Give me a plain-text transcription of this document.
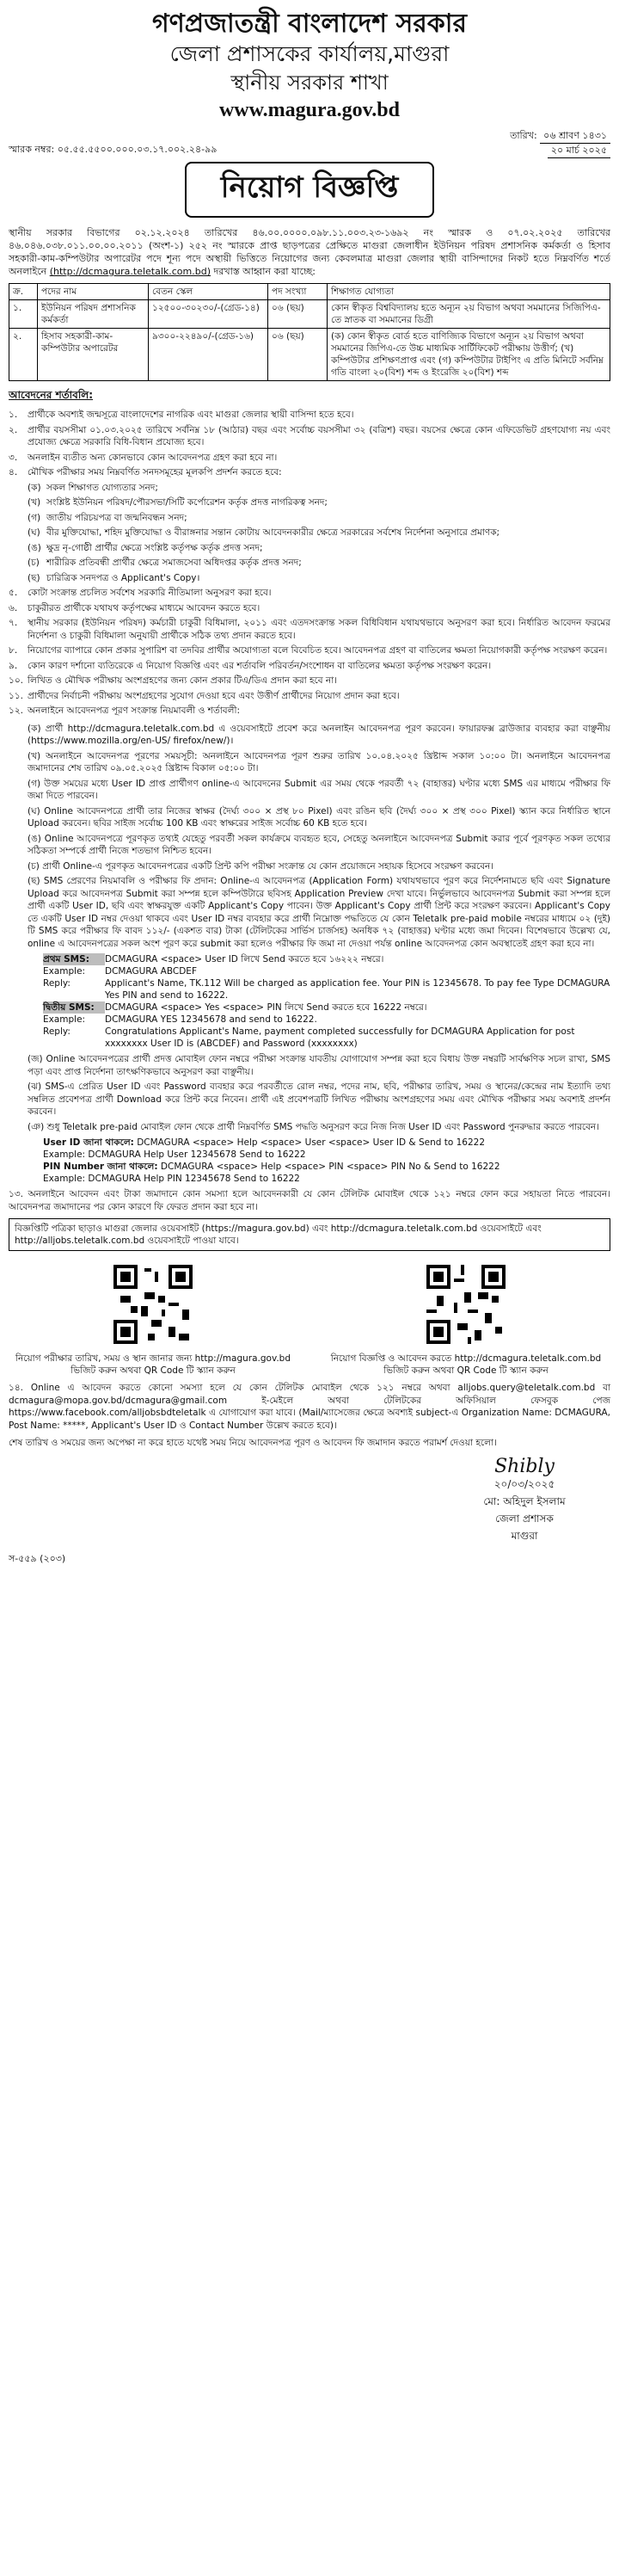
গণপ্রজাতন্ত্রী বাংলাদেশ সরকার
জেলা প্রশাসকের কার্যালয়,মাগুরা
স্থানীয় সরকার শাখা
www.magura.gov.bd
স্মারক নম্বর: ০৫.৫৫.৫৫০০.০০০.০৩.১৭.০০২.২৪-৯৯
তারিখ: ০৬ শ্রাবণ ১৪৩১
২০ মার্চ ২০২৫
নিয়োগ বিজ্ঞপ্তি
স্থানীয় সরকার বিভাগের ০২.১২.২০২৪ তারিখের ৪৬.০০.০০০০.০৯৮.১১.০০৩.২৩-১৬৯২ নং স্মারক ও ০৭.০২.২০২৫ তারিখের ৪৬.০৪৬.০৩৮.০১১.০০.০০.২০১১ (অংশ-১) ২৫২ নং স্মারকে প্রাপ্ত ছাড়পত্রের প্রেক্ষিতে মাগুরা জেলাধীন ইউনিয়ন পরিষদ প্রশাসনিক কর্মকর্তা ও হিসাব সহকারী-কাম-কম্পিউটার অপারেটর পদে শূন্য পদে অস্থায়ী ভিত্তিতে নিয়োগের জন্য কেবলমাত্র মাগুরা জেলার স্থায়ী বাসিন্দাদের নিকট হতে নিম্নবর্ণিত শর্তে অনলাইনে (http://dcmagura.teletalk.com.bd) দরখাস্ত আহ্বান করা যাচ্ছে:
ক্র.	পদের নাম	বেতন স্কেল	পদ সংখ্যা	শিক্ষাগত যোগ্যতা
১.	ইউনিয়ন পরিষদ প্রশাসনিক কর্মকর্তা	১২৫০০-৩০২৩০/-(গ্রেড-১৪)	০৬ (ছয়)	কোন স্বীকৃত বিশ্ববিদ্যালয় হতে অন্যূন ২য় বিভাগ অথবা সমমানের সিজিপিএ-তে স্নাতক বা সমমানের ডিগ্রী
২.	হিসাব সহকারী-কাম-কম্পিউটার অপারেটর	৯৩০০-২২৪৯০/-(গ্রেড-১৬)	০৬ (ছয়)	(ক) কোন স্বীকৃত বোর্ড হতে বাণিজ্যিক বিভাগে অন্যূন ২য় বিভাগ অথবা সমমানের জিপিএ-তে উচ্চ মাধ্যমিক সার্টিফিকেট পরীক্ষায় উত্তীর্ণ; (খ) কম্পিউটার প্রশিক্ষণপ্রাপ্ত এবং (গ) কম্পিউটার টাইপিং এ প্রতি মিনিটে সর্বনিম্ন গতি বাংলা ২০(বিশ) শব্দ ও ইংরেজি ২০(বিশ) শব্দ
আবেদনের শর্তাবলি:
১.	প্রার্থীকে অবশ্যই জন্মসূত্রে বাংলাদেশের নাগরিক এবং মাগুরা জেলার স্থায়ী বাসিন্দা হতে হবে।
২.	প্রার্থীর বয়সসীমা ০১.০৩.২০২৫ তারিখে সর্বনিম্ন ১৮ (আঠার) বছর এবং সর্বোচ্চ বয়সসীমা ৩২ (বত্রিশ) বছর। বয়সের ক্ষেত্রে কোন এফিডেভিট গ্রহণযোগ্য নয় এবং প্রযোজ্য ক্ষেত্রে সরকারি বিধি-বিধান প্রযোজ্য হবে।
৩.	অনলাইন ব্যতীত অন্য কোনভাবে কোন আবেদনপত্র গ্রহণ করা হবে না।
৪.	মৌখিক পরীক্ষার সময় নিম্নবর্ণিত সনদসমূহের মূলকপি প্রদর্শন করতে হবে:
(ক) সকল শিক্ষাগত যোগ্যতার সনদ;
(খ) সংশ্লিষ্ট ইউনিয়ন পরিষদ/পৌরসভা/সিটি কর্পোরেশন কর্তৃক প্রদত্ত নাগরিকত্ব সনদ;
(গ) জাতীয় পরিচয়পত্র বা জন্মনিবন্ধন সনদ;
(ঘ) বীর মুক্তিযোদ্ধা, শহিদ মুক্তিযোদ্ধা ও বীরাঙ্গনার সন্তান কোটায় আবেদনকারীর ক্ষেত্রে সরকারের সর্বশেষ নির্দেশনা অনুসারে প্রমাণক;
(ঙ) ক্ষুদ্র নৃ-গোষ্ঠী প্রার্থীর ক্ষেত্রে সংশ্লিষ্ট কর্তৃপক্ষ কর্তৃক প্রদত্ত সনদ;
(চ) শারীরিক প্রতিবন্ধী প্রার্থীর ক্ষেত্রে সমাজসেবা অধিদপ্তর কর্তৃক প্রদত্ত সনদ;
(ছ) চারিত্রিক সনদপত্র ও Applicant's Copy।
৫.	কোটা সংক্রান্ত প্রচলিত সর্বশেষ সরকারি নীতিমালা অনুসরণ করা হবে।
৬.	চাকুরীরত প্রার্থীকে যথাযথ কর্তৃপক্ষের মাধ্যমে আবেদন করতে হবে।
৭.	স্থানীয় সরকার (ইউনিয়ন পরিষদ) কর্মচারী চাকুরী বিধিমালা, ২০১১ এবং এতদসংক্রান্ত সকল বিধিবিধান যথাযথভাবে অনুসরণ করা হবে। নির্ধারিত আবেদন ফরমের নির্দেশনা ও চাকুরী বিধিমালা অনুযায়ী প্রার্থীকে সঠিক তথ্য প্রদান করতে হবে।
৮.	নিয়োগের ব্যাপারে কোন প্রকার সুপারিশ বা তদবির প্রার্থীর অযোগ্যতা বলে বিবেচিত হবে। আবেদনপত্র গ্রহণ বা বাতিলের ক্ষমতা নিয়োগকারী কর্তৃপক্ষ সংরক্ষণ করেন।
৯.	কোন কারণ দর্শানো ব্যতিরেকে এ নিয়োগ বিজ্ঞপ্তি এবং এর শর্তাবলি পরিবর্তন/সংশোধন বা বাতিলের ক্ষমতা কর্তৃপক্ষ সংরক্ষণ করেন।
১০. লিখিত ও মৌখিক পরীক্ষায় অংশগ্রহণের জন্য কোন প্রকার টিএ/ডিএ প্রদান করা হবে না।
১১. প্রার্থীদের নির্বাচনী পরীক্ষায় অংশগ্রহণের সুযোগ দেওয়া হবে এবং উত্তীর্ণ প্রার্থীদের নিয়োগ প্রদান করা হবে।
১২. অনলাইনে আবেদনপত্র পূরণ সংক্রান্ত নিয়মাবলী ও শর্তাবলী:
(ক) প্রার্থী http://dcmagura.teletalk.com.bd এ ওয়েবসাইটে প্রবেশ করে অনলাইন আবেদনপত্র পূরণ করবেন। ফায়ারফক্স ব্রাউজার ব্যবহার করা বাঞ্ছনীয় (https://www.mozilla.org/en-US/ firefox/new/)।
(খ) অনলাইনে আবেদনপত্র পূরণের সময়সূচী: অনলাইনে আবেদনপত্র পূরণ শুরুর তারিখ ১০.০৪.২০২৫ খ্রিষ্টাব্দ সকাল ১০:০০ টা। অনলাইনে আবেদনপত্র জমাদানের শেষ তারিখ ০৯.০৫.২০২৫ খ্রিষ্টাব্দ বিকাল ০৫:০০ টা।
(গ) উক্ত সময়ের মধ্যে User ID প্রাপ্ত প্রার্থীগণ online-এ আবেদনের Submit এর সময় থেকে পরবর্তী ৭২ (বাহাত্তর) ঘণ্টার মধ্যে SMS এর মাধ্যমে পরীক্ষার ফি জমা দিতে পারবেন।
(ঘ) Online আবেদনপত্রে প্রার্থী তার নিজের স্বাক্ষর (দৈর্ঘ্য ৩০০ × প্রস্থ ৮০ Pixel) এবং রঙিন ছবি (দৈর্ঘ্য ৩০০ × প্রস্থ ৩০০ Pixel) স্ক্যান করে নির্ধারিত স্থানে Upload করবেন। ছবির সাইজ সর্বোচ্চ 100 KB এবং স্বাক্ষরের সাইজ সর্বোচ্চ 60 KB হতে হবে।
(ঙ) Online আবেদনপত্রে পূরণকৃত তথ্যই যেহেতু পরবর্তী সকল কার্যক্রমে ব্যবহৃত হবে, সেহেতু অনলাইনে আবেদনপত্র Submit করার পূর্বে পূরণকৃত সকল তথ্যের সঠিকতা সম্পর্কে প্রার্থী নিজে শতভাগ নিশ্চিত হবেন।
(চ) প্রার্থী Online-এ পূরণকৃত আবেদনপত্রের একটি প্রিন্ট কপি পরীক্ষা সংক্রান্ত যে কোন প্রয়োজনে সহায়ক হিসেবে সংরক্ষণ করবেন।
(ছ) SMS প্রেরণের নিয়মাবলি ও পরীক্ষার ফি প্রদান: Online-এ আবেদনপত্র (Application Form) যথাযথভাবে পূরণ করে নির্দেশনামতে ছবি এবং Signature Upload করে আবেদনপত্র Submit করা সম্পন্ন হলে কম্পিউটারে ছবিসহ Application Preview দেখা যাবে। নির্ভুলভাবে আবেদনপত্র Submit করা সম্পন্ন হলে প্রার্থী একটি User ID, ছবি এবং স্বাক্ষরযুক্ত একটি Applicant's Copy পাবেন। উক্ত Applicant's Copy প্রার্থী প্রিন্ট করে সংরক্ষণ করবেন। Applicant's Copy তে একটি User ID নম্বর দেওয়া থাকবে এবং User ID নম্বর ব্যবহার করে প্রার্থী নিম্নোক্ত পদ্ধতিতে যে কোন Teletalk pre-paid mobile নম্বরের মাধ্যমে ০২ (দুই) টি SMS করে পরীক্ষার ফি বাবদ ১১২/- (একশত বার) টাকা (টেলিটকের সার্ভিস চার্জসহ) অনধিক ৭২ (বাহাত্তর) ঘণ্টার মধ্যে জমা দিবেন। বিশেষভাবে উল্লেখ্য যে, online এ আবেদনপত্রের সকল অংশ পূরণ করে submit করা হলেও পরীক্ষার ফি জমা না দেওয়া পর্যন্ত online আবেদনপত্র কোন অবস্থাতেই গ্রহণ করা হবে না।
প্রথম SMS:	DCMAGURA <space> User ID লিখে Send করতে হবে ১৬২২২ নম্বরে।
Example:	DCMAGURA ABCDEF
Reply:	Applicant's Name, TK.112 Will be charged as application fee. Your PIN is 12345678. To pay fee Type DCMAGURA Yes PIN and send to 16222.
দ্বিতীয় SMS:	DCMAGURA <space> Yes <space> PIN লিখে Send করতে হবে 16222 নম্বরে।
Example:	DCMAGURA YES 12345678 and send to 16222.
Reply:	Congratulations Applicant's Name, payment completed successfully for DCMAGURA Application for post xxxxxxxx User ID is (ABCDEF) and Password (xxxxxxxx)
(জ) Online আবেদনপত্রের প্রার্থী প্রদত্ত মোবাইল ফোন নম্বরে পরীক্ষা সংক্রান্ত যাবতীয় যোগাযোগ সম্পন্ন করা হবে বিধায় উক্ত নম্বরটি সার্বক্ষণিক সচল রাখা, SMS পড়া এবং প্রাপ্ত নির্দেশনা তাৎক্ষণিকভাবে অনুসরণ করা বাঞ্ছনীয়।
(ঝ) SMS-এ প্রেরিত User ID এবং Password ব্যবহার করে পরবর্তীতে রোল নম্বর, পদের নাম, ছবি, পরীক্ষার তারিখ, সময় ও স্থানের/কেন্দ্রের নাম ইত্যাদি তথ্য সম্বলিত প্রবেশপত্র প্রার্থী Download করে প্রিন্ট করে নিবেন। প্রার্থী এই প্রবেশপত্রটি লিখিত পরীক্ষায় অংশগ্রহণের সময় এবং মৌখিক পরীক্ষার সময় অবশ্যই প্রদর্শন করবেন।
(ঞ) শুধু Teletalk pre-paid মোবাইল ফোন থেকে প্রার্থী নিম্নবর্ণিত SMS পদ্ধতি অনুসরণ করে নিজ নিজ User ID এবং Password পুনরুদ্ধার করতে পারবেন।
User ID জানা থাকলে: DCMAGURA <space> Help <space> User <space> User ID & Send to 16222
Example: DCMAGURA Help User 12345678 Send to 16222
PIN Number জানা থাকলে: DCMAGURA <space> Help <space> PIN <space> PIN No & Send to 16222
Example: DCMAGURA Help PIN 12345678 Send to 16222
১৩. অনলাইনে আবেদন এবং টাকা জমাদানে কোন সমস্যা হলে আবেদনকারী যে কোন টেলিটক মোবাইল থেকে ১২১ নম্বরে ফোন করে সহায়তা নিতে পারবেন। আবেদনপত্র জমাদানের পর কোন কারণে ফি ফেরত প্রদান করা হবে না।
বিজ্ঞপ্তিটি পত্রিকা ছাড়াও মাগুরা জেলার ওয়েবসাইট (https://magura.gov.bd) এবং http://dcmagura.teletalk.com.bd ওয়েবসাইটে এবং http://alljobs.teletalk.com.bd ওয়েবসাইটে পাওয়া যাবে।
নিয়োগ পরীক্ষার তারিখ, সময় ও স্থান জানার জন্য http://magura.gov.bd ভিজিট করুন অথবা QR Code টি স্ক্যান করুন
নিয়োগ বিজ্ঞপ্তি ও আবেদন করতে http://dcmagura.teletalk.com.bd ভিজিট করুন অথবা QR Code টি স্ক্যান করুন
১৪. Online এ আবেদন করতে কোনো সমস্যা হলে যে কোন টেলিটক মোবাইল থেকে ১২১ নম্বরে অথবা alljobs.query@teletalk.com.bd বা dcmagura@mopa.gov.bd/dcmagura@gmail.com ই-মেইলে অথবা টেলিটকের অফিসিয়াল ফেসবুক পেজ https://www.facebook.com/alljobsbdteletalk এ যোগাযোগ করা যাবে। (Mail/ম্যাসেজের ক্ষেত্রে অবশ্যই subject-এ Organization Name: DCMAGURA, Post Name: *****, Applicant's User ID ও Contact Number উল্লেখ করতে হবে)।
শেষ তারিখ ও সময়ের জন্য অপেক্ষা না করে হাতে যথেষ্ট সময় নিয়ে আবেদনপত্র পূরণ ও আবেদন ফি জমাদান করতে পরামর্শ দেওয়া হলো।
Shibly
২০/০৩/২০২৫
মো: অহিদুল ইসলাম
জেলা প্রশাসক
মাগুরা
স-৫৫৯ (২০৩)
